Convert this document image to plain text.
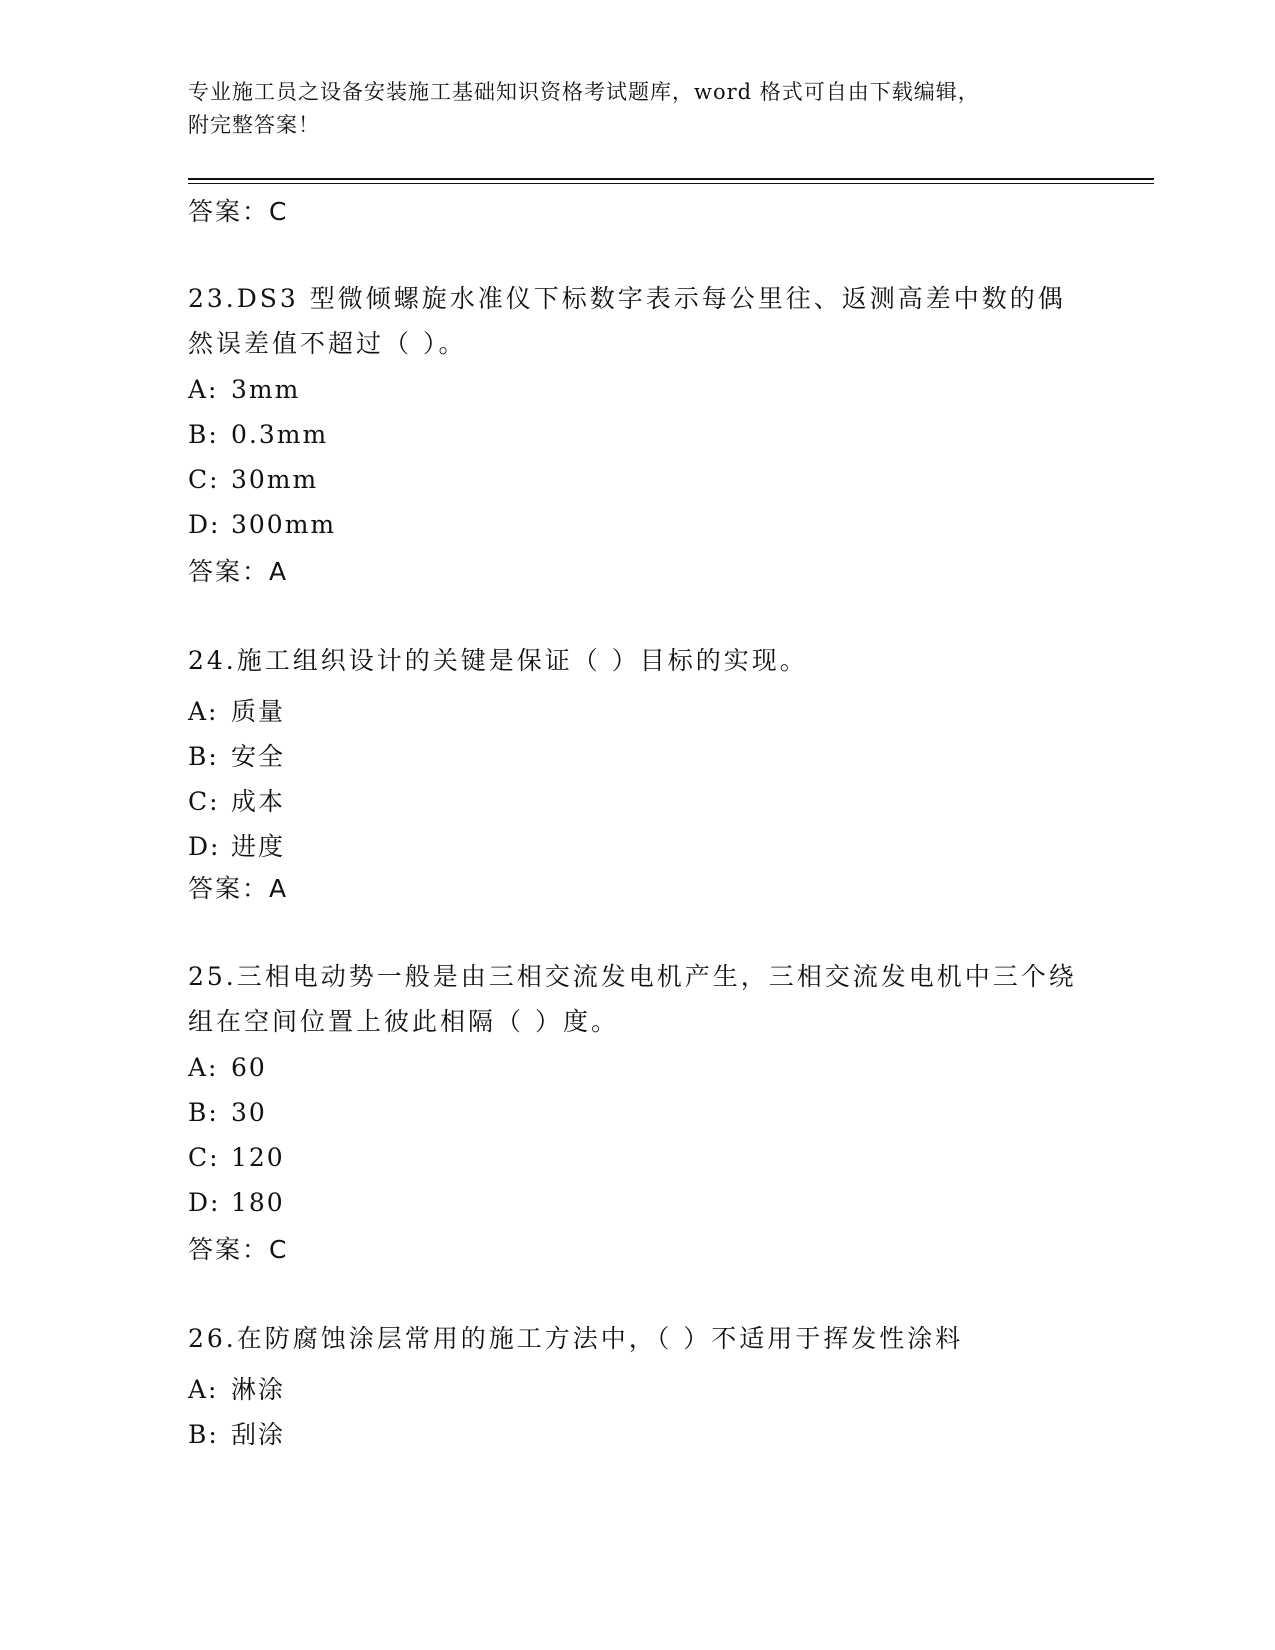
专业施工员之设备安装施工基础知识资格考试题库，word 格式可自由下载编辑，
附完整答案！
答案：C
23.DS3 型微倾螺旋水准仪下标数字表示每公里往、返测高差中数的偶然误差值不超过（ ）。
A: 3mm
B: 0.3mm
C: 30mm
D: 300mm
答案：A
24.施工组织设计的关键是保证（ ）目标的实现。
A: 质量
B: 安全
C: 成本
D: 进度
答案：A
25.三相电动势一般是由三相交流发电机产生，三相交流发电机中三个绕组在空间位置上彼此相隔（ ）度。
A: 60
B: 30
C: 120
D: 180
答案：C
26.在防腐蚀涂层常用的施工方法中，（ ）不适用于挥发性涂料
A: 淋涂
B: 刮涂
